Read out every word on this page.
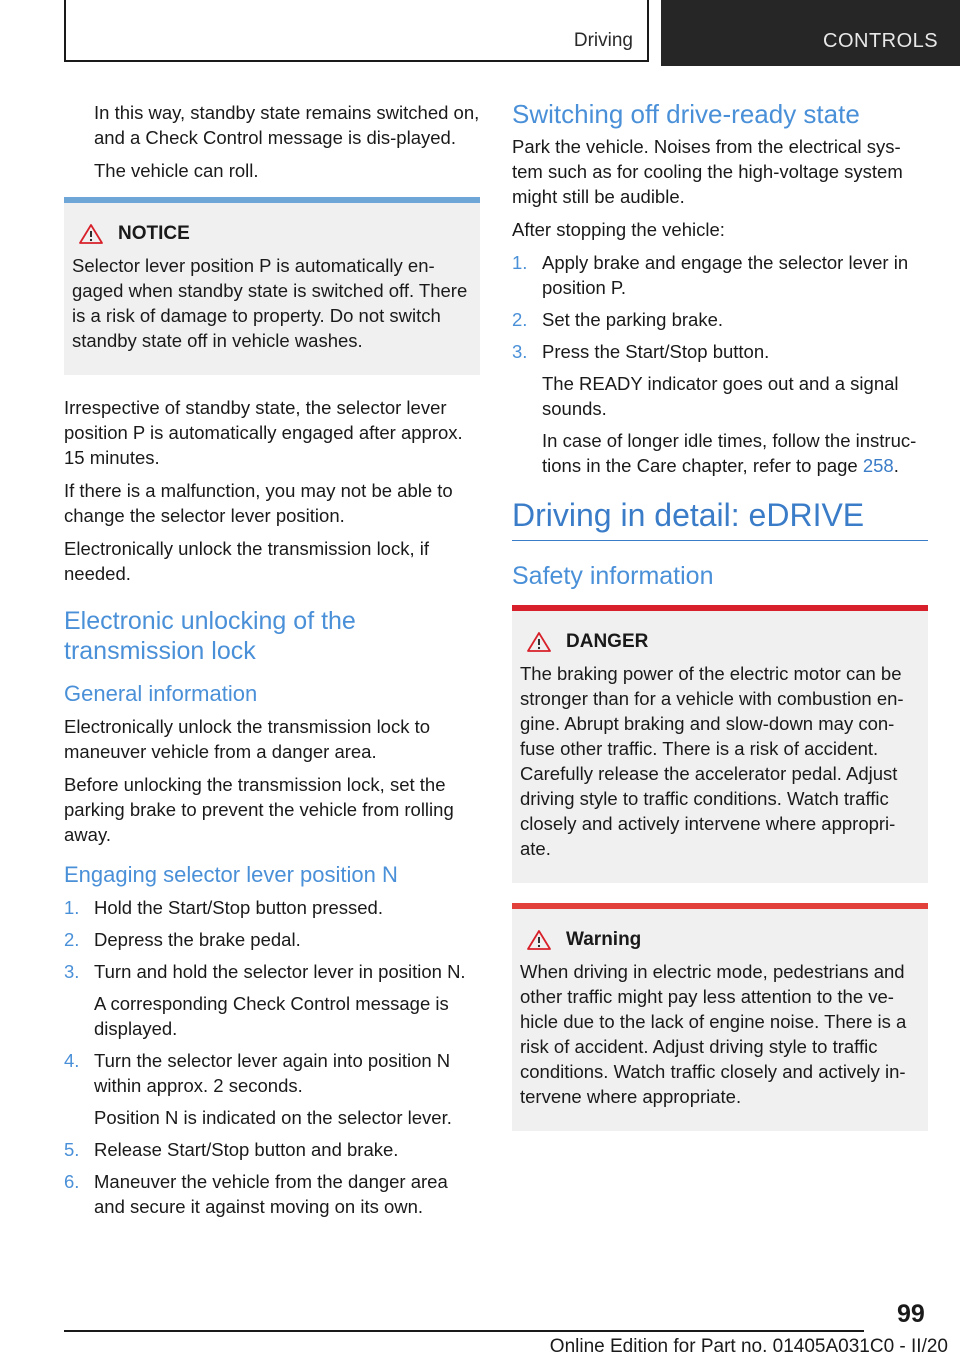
Driving	CONTROLS

In this way, standby state remains switched on, and a Check Control message is dis-played.

The vehicle can roll.

NOTICE

Selector lever position P is automatically en-gaged when standby state is switched off. There is a risk of damage to property. Do not switch standby state off in vehicle washes.

Irrespective of standby state, the selector lever position P is automatically engaged after approx. 15 minutes.

If there is a malfunction, you may not be able to change the selector lever position.

Electronically unlock the transmission lock, if needed.

Electronic unlocking of the transmission lock
General information

Electronically unlock the transmission lock to maneuver vehicle from a danger area.

Before unlocking the transmission lock, set the parking brake to prevent the vehicle from rolling away.

Engaging selector lever position N
1. Hold the Start/Stop button pressed.
2. Depress the brake pedal.
3. Turn and hold the selector lever in position N.
A corresponding Check Control message is displayed.
4. Turn the selector lever again into position N within approx. 2 seconds.
Position N is indicated on the selector lever.
5. Release Start/Stop button and brake.
6. Maneuver the vehicle from the danger area and secure it against moving on its own.
Switching off drive-ready state

Park the vehicle. Noises from the electrical sys-tem such as for cooling the high-voltage system might still be audible.

After stopping the vehicle:

1. Apply brake and engage the selector lever in position P.
2. Set the parking brake.
3. Press the Start/Stop button.
The READY indicator goes out and a signal sounds.
In case of longer idle times, follow the instruc-tions in the Care chapter, refer to page 258.
Driving in detail: eDRIVE
Safety information
DANGER

The braking power of the electric motor can be stronger than for a vehicle with combustion en-gine. Abrupt braking and slow-down may con-fuse other traffic. There is a risk of accident. Carefully release the accelerator pedal. Adjust driving style to traffic conditions. Watch traffic closely and actively intervene where appropri-ate.

Warning

When driving in electric mode, pedestrians and other traffic might pay less attention to the ve-hicle due to the lack of engine noise. There is a risk of accident. Adjust driving style to traffic conditions. Watch traffic closely and actively in-tervene where appropriate.

99
Online Edition for Part no. 01405A031C0 - II/20
